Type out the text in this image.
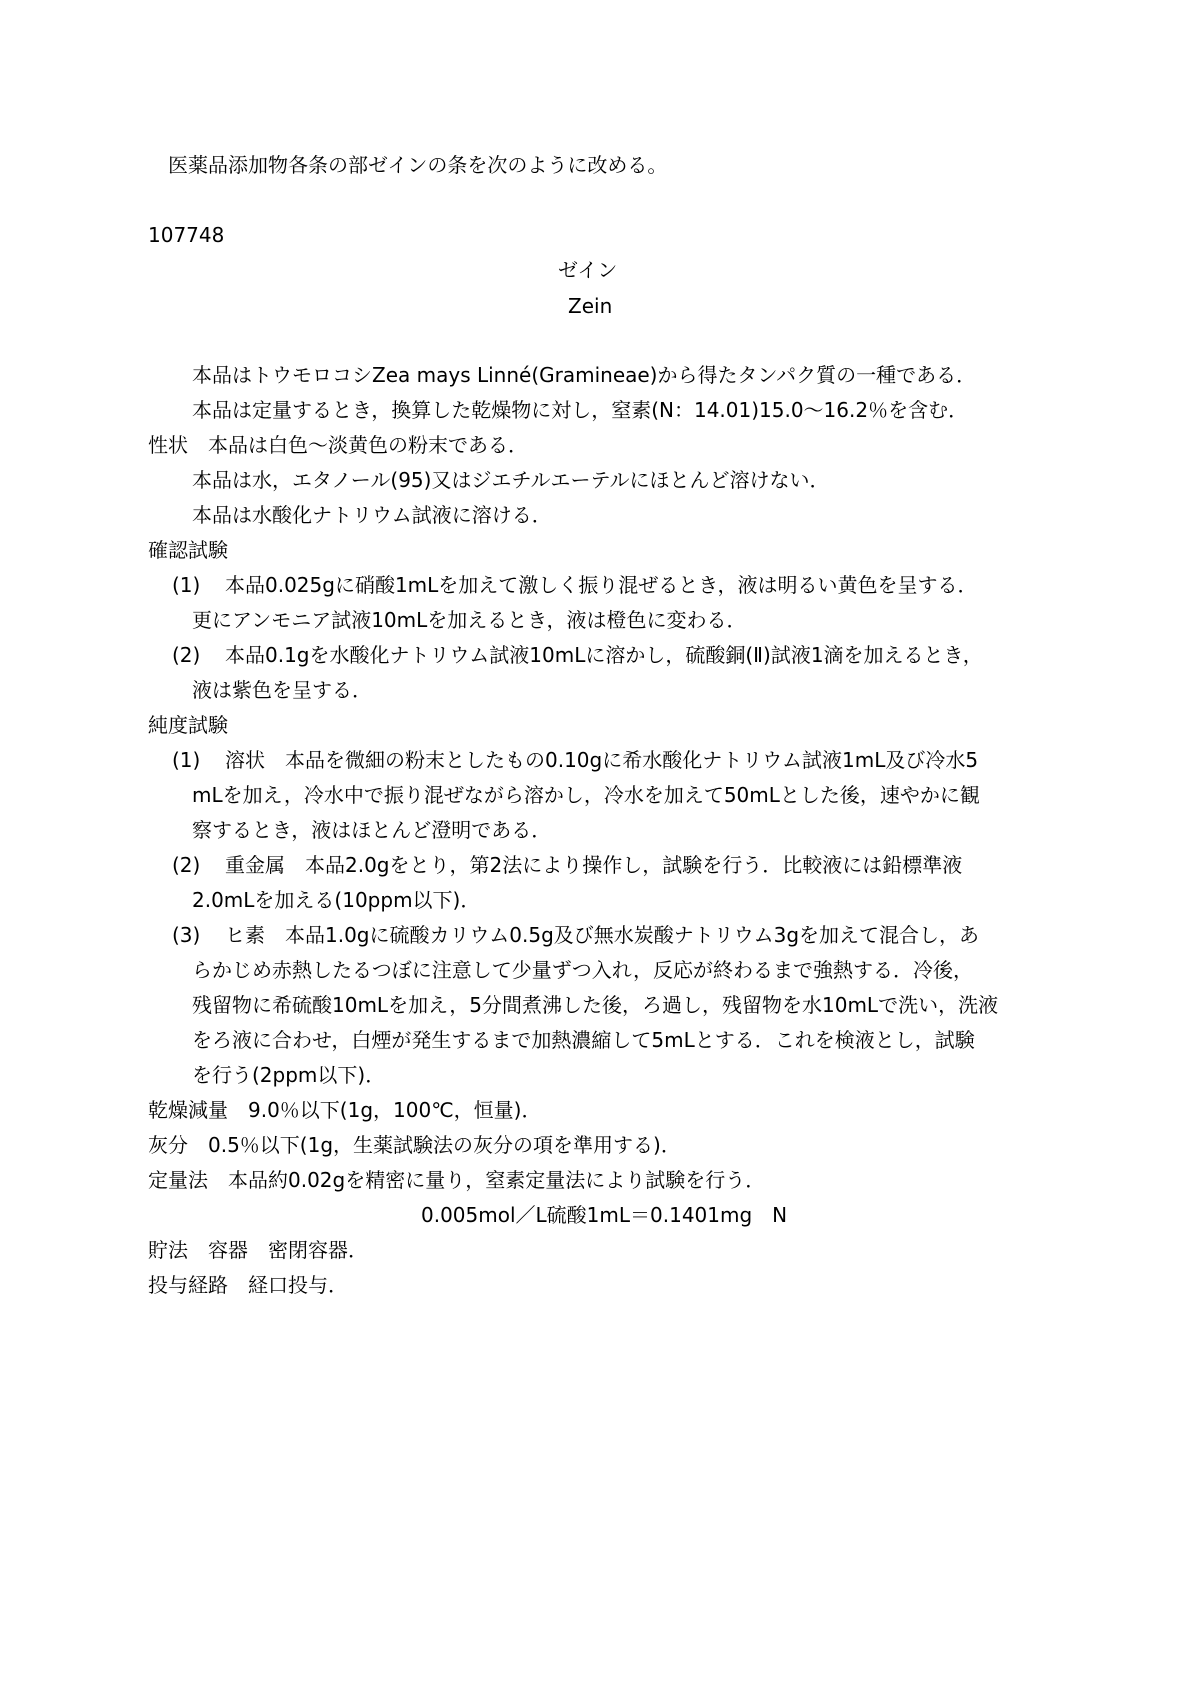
医薬品添加物各条の部ゼインの条を次のように改める。
107748
ゼイン
Zein
本品はトウモロコシZea mays Linné(Gramineae)から得たタンパク質の一種である．
本品は定量するとき，換算した乾燥物に対し，窒素(N：14.01)15.0〜16.2％を含む．
性状 本品は白色〜淡黄色の粉末である．
本品は水，エタノール(95)又はジエチルエーテルにほとんど溶けない．
本品は水酸化ナトリウム試液に溶ける．
確認試験
(1) 本品0.025gに硝酸1mLを加えて激しく振り混ぜるとき，液は明るい黄色を呈する．
更にアンモニア試液10mLを加えるとき，液は橙色に変わる．
(2) 本品0.1gを水酸化ナトリウム試液10mLに溶かし，硫酸銅(Ⅱ)試液1滴を加えるとき，
液は紫色を呈する．
純度試験
(1) 溶状　本品を微細の粉末としたもの0.10gに希水酸化ナトリウム試液1mL及び冷水5
mLを加え，冷水中で振り混ぜながら溶かし，冷水を加えて50mLとした後，速やかに観
察するとき，液はほとんど澄明である．
(2) 重金属　本品2.0gをとり，第2法により操作し，試験を行う．比較液には鉛標準液
2.0mLを加える(10ppm以下)．
(3) ヒ素　本品1.0gに硫酸カリウム0.5g及び無水炭酸ナトリウム3gを加えて混合し，あ
らかじめ赤熱したるつぼに注意して少量ずつ入れ，反応が終わるまで強熱する．冷後，
残留物に希硫酸10mLを加え，5分間煮沸した後，ろ過し，残留物を水10mLで洗い，洗液
をろ液に合わせ，白煙が発生するまで加熱濃縮して5mLとする．これを検液とし，試験
を行う(2ppm以下)．
乾燥減量 9.0％以下(1g，100℃，恒量)．
灰分 0.5％以下(1g，生薬試験法の灰分の項を準用する)．
定量法 本品約0.02gを精密に量り，窒素定量法により試験を行う．
0.005mol／L硫酸1mL＝0.1401mg　N
貯法 容器　密閉容器．
投与経路 経口投与．
